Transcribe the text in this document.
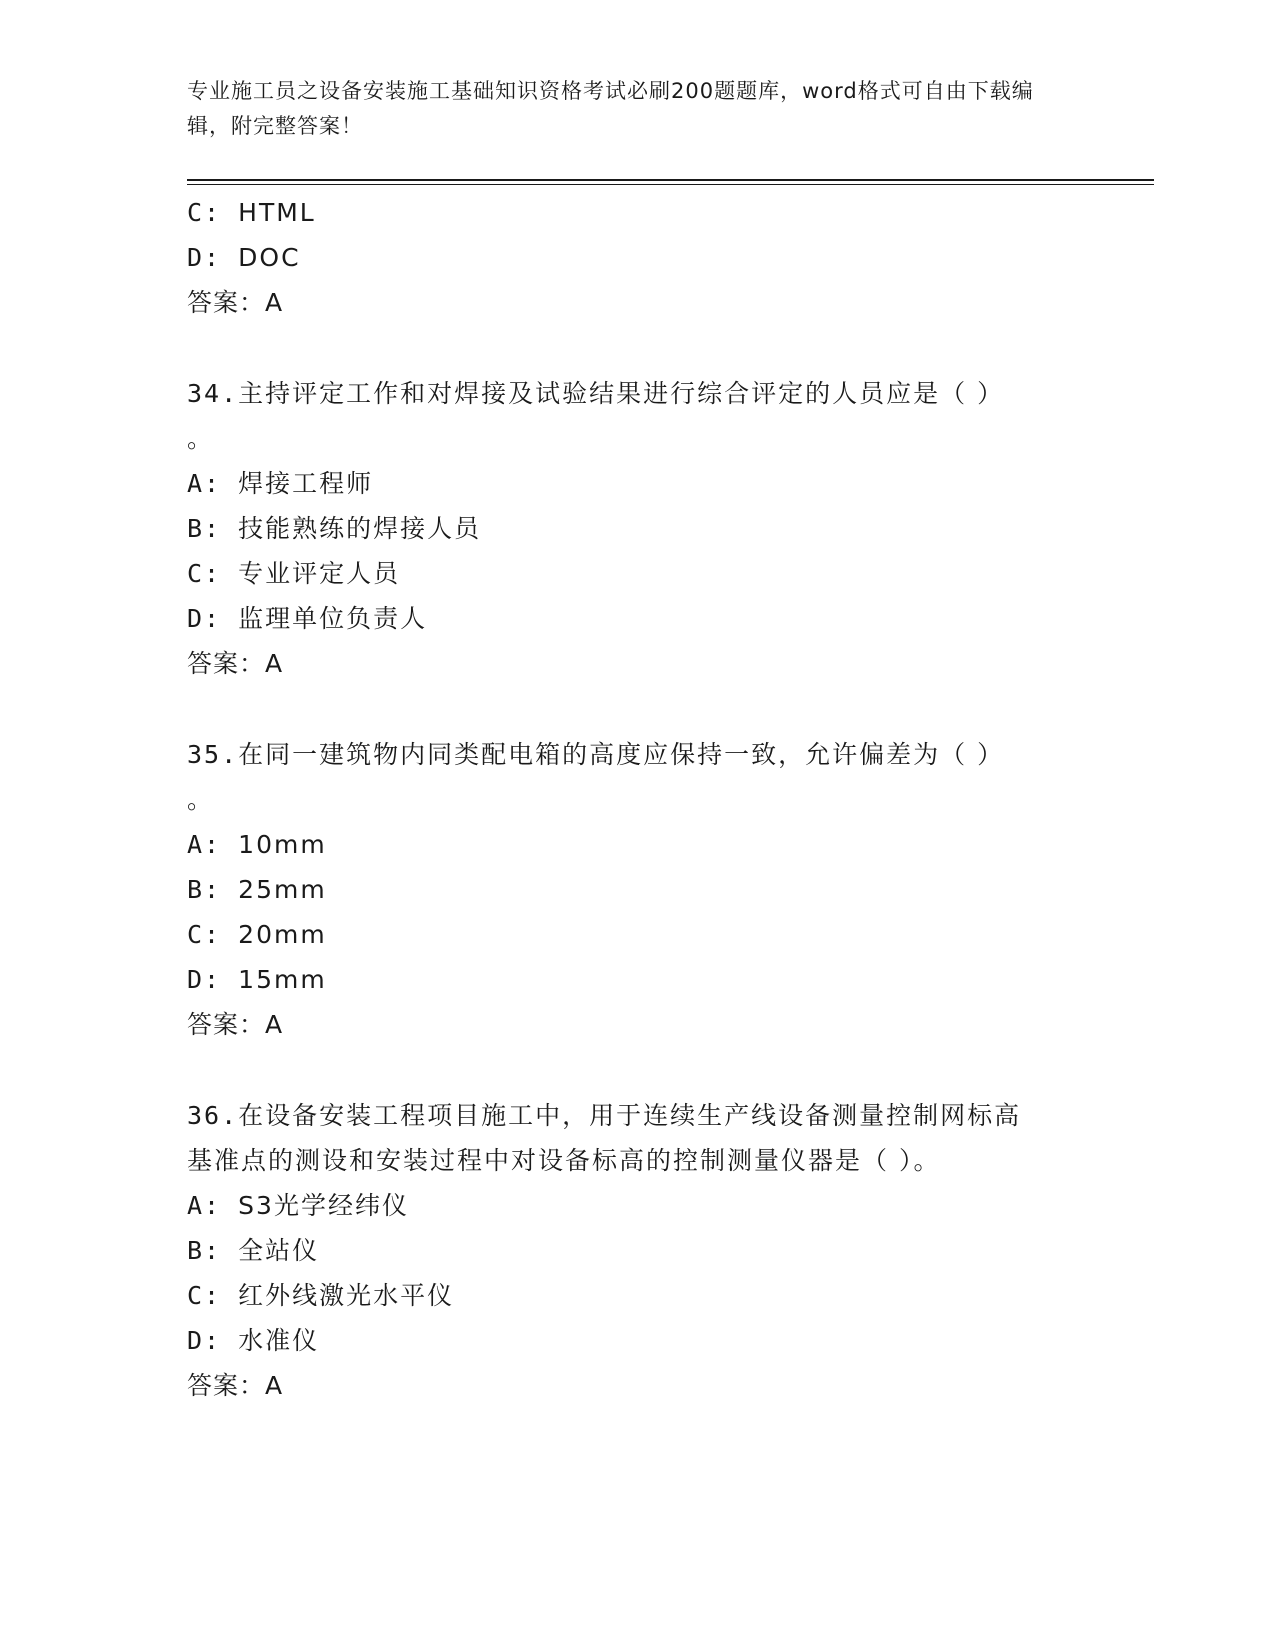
专业施工员之设备安装施工基础知识资格考试必刷200题题库，word格式可自由下载编辑，附完整答案！
C: HTML
D: DOC
答案：A
34.主持评定工作和对焊接及试验结果进行综合评定的人员应是（ ）
。
A: 焊接工程师
B: 技能熟练的焊接人员
C: 专业评定人员
D: 监理单位负责人
答案：A
35.在同一建筑物内同类配电箱的高度应保持一致，允许偏差为（ ）
。
A: 10mm
B: 25mm
C: 20mm
D: 15mm
答案：A
36.在设备安装工程项目施工中，用于连续生产线设备测量控制网标高
基准点的测设和安装过程中对设备标高的控制测量仪器是（ ）。
A: S3光学经纬仪
B: 全站仪
C: 红外线激光水平仪
D: 水准仪
答案：A
